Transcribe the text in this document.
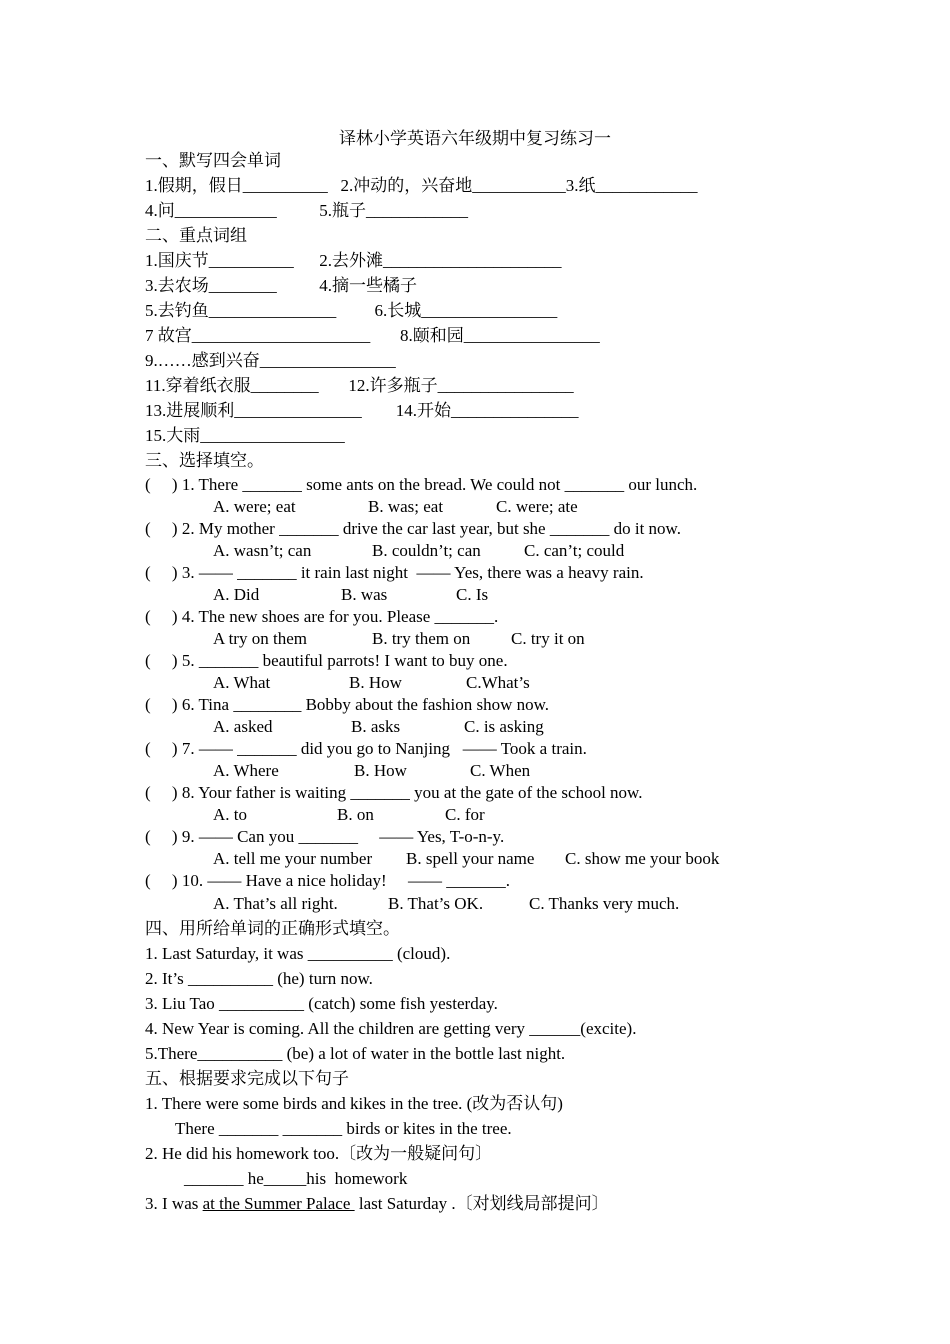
译林小学英语六年级期中复习练习一
一、默写四会单词
1.假期，假日__________   2.冲动的，兴奋地___________3.纸____________
4.问____________          5.瓶子____________
二、重点词组
1.国庆节__________      2.去外滩_____________________
3.去农场________          4.摘一些橘子
5.去钓鱼_______________         6.长城________________
7 故宫_____________________       8.颐和园________________
9.……感到兴奋________________
11.穿着纸衣服________       12.许多瓶子________________
13.进展顺利_______________        14.开始_______________
15.大雨_________________
三、选择填空。
(     ) 1. There _______ some ants on the bread. We could not _______ our lunch.
A. were; eat	B. was; eat	C. were; ate
(     ) 2. My mother _______ drive the car last year, but she _______ do it now.
A. wasn’t; can	B. couldn’t; can	C. can’t; could
(     ) 3. —— _______ it rain last night  —— Yes, there was a heavy rain.
A. Did	B. was	C. Is
(     ) 4. The new shoes are for you. Please _______.
A try on them	B. try them on C. try it on
(     ) 5. _______ beautiful parrots! I want to buy one.
A. What	B. How	C.What’s
(     ) 6. Tina ________ Bobby about the fashion show now.
A. asked	B. asks	C. is asking
(     ) 7. —— _______ did you go to Nanjing   —— Took a train.
A. Where	B. How	C. When
(     ) 8. Your father is waiting _______ you at the gate of the school now.
A. to	B. on	C. for
(     ) 9. —— Can you _______     —— Yes, T-o-n-y.
A. tell me your number B. spell your name C. show me your book
(     ) 10. —— Have a nice holiday!     —— _______.
A. That’s all right.	B. That’s OK.	C. Thanks very much.
四、用所给单词的正确形式填空。
1. Last Saturday, it was __________ (cloud).
2. It’s __________ (he) turn now.
3. Liu Tao __________ (catch) some fish yesterday.
4. New Year is coming. All the children are getting very ______(excite).
5.There__________ (be) a lot of water in the bottle last night.
五、根据要求完成以下句子
1. There were some birds and kikes in the tree. (改为否认句)
There _______ _______ birds or kites in the tree.
2. He did his homework too.〔改为一般疑问句〕
_______ he_____his  homework
3. I was at the Summer Palace  last Saturday .〔对划线局部提问〕
